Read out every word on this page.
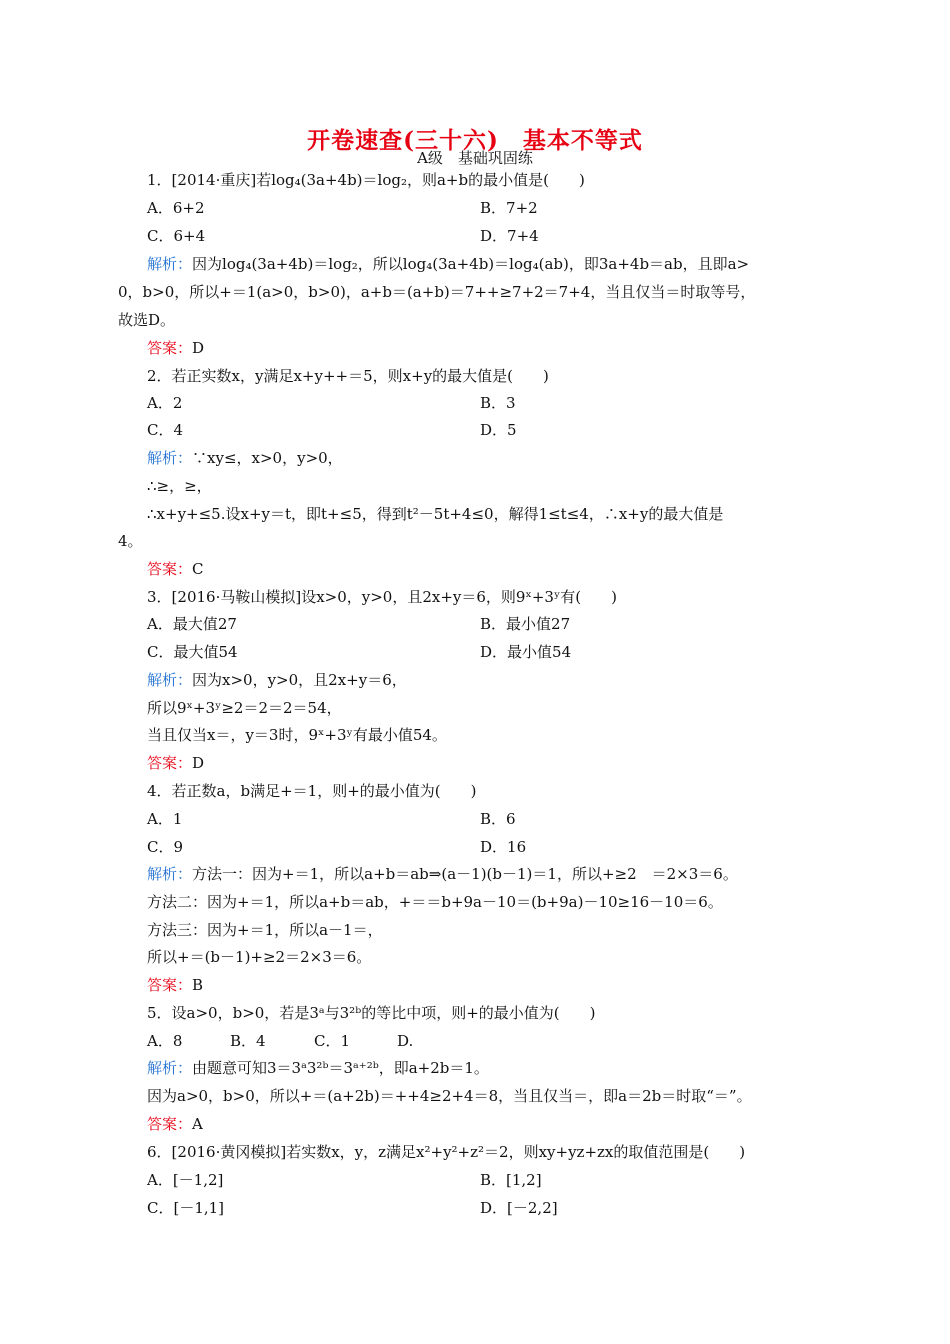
开卷速查(三十六)　基本不等式
A级　基础巩固练
1．[2014·重庆]若log₄(3a+4b)＝log₂，则a+b的最小值是(　　)
A．6+2	B．7+2
C．6+4	D．7+4
解析：因为log₄(3a+4b)＝log₂，所以log₄(3a+4b)＝log₄(ab)，即3a+4b＝ab，且即a>
0，b>0，所以+＝1(a>0，b>0)，a+b＝(a+b)＝7++≥7+2＝7+4，当且仅当＝时取等号，
故选D。
答案：D
2．若正实数x，y满足x+y++＝5，则x+y的最大值是(　　)
A．2	B．3
C．4	D．5
解析：∵xy≤，x>0，y>0，
∴≥，≥，
∴x+y+≤5.设x+y＝t，即t+≤5，得到t²－5t+4≤0，解得1≤t≤4，∴x+y的最大值是
4。
答案：C
3．[2016·马鞍山模拟]设x>0，y>0，且2x+y＝6，则9ˣ+3ʸ有(　　)
A．最大值27	B．最小值27
C．最大值54	D．最小值54
解析：因为x>0，y>0，且2x+y＝6，
所以9ˣ+3ʸ≥2＝2＝2＝54，
当且仅当x＝，y＝3时，9ˣ+3ʸ有最小值54。
答案：D
4．若正数a，b满足+＝1，则+的最小值为(　　)
A．1	B．6
C．9	D．16
解析：方法一：因为+＝1，所以a+b＝ab⇒(a－1)(b－1)＝1，所以+≥2　＝2×3＝6。
方法二：因为+＝1，所以a+b＝ab，+＝＝b+9a－10＝(b+9a)－10≥16－10＝6。
方法三：因为+＝1，所以a－1＝，
所以+＝(b－1)+≥2＝2×3＝6。
答案：B
5．设a>0，b>0，若是3ᵃ与3²ᵇ的等比中项，则+的最小值为(　　)
A．8	B．4	C．1	D.
解析：由题意可知3＝3ᵃ3²ᵇ＝3ᵃ⁺²ᵇ，即a+2b＝1。
因为a>0，b>0，所以+＝(a+2b)＝++4≥2+4＝8，当且仅当＝，即a＝2b＝时取“＝”。
答案：A
6．[2016·黄冈模拟]若实数x，y，z满足x²+y²+z²＝2，则xy+yz+zx的取值范围是(　　)
A．[－1,2]	B．[1,2]
C．[－1,1]	D．[－2,2]
